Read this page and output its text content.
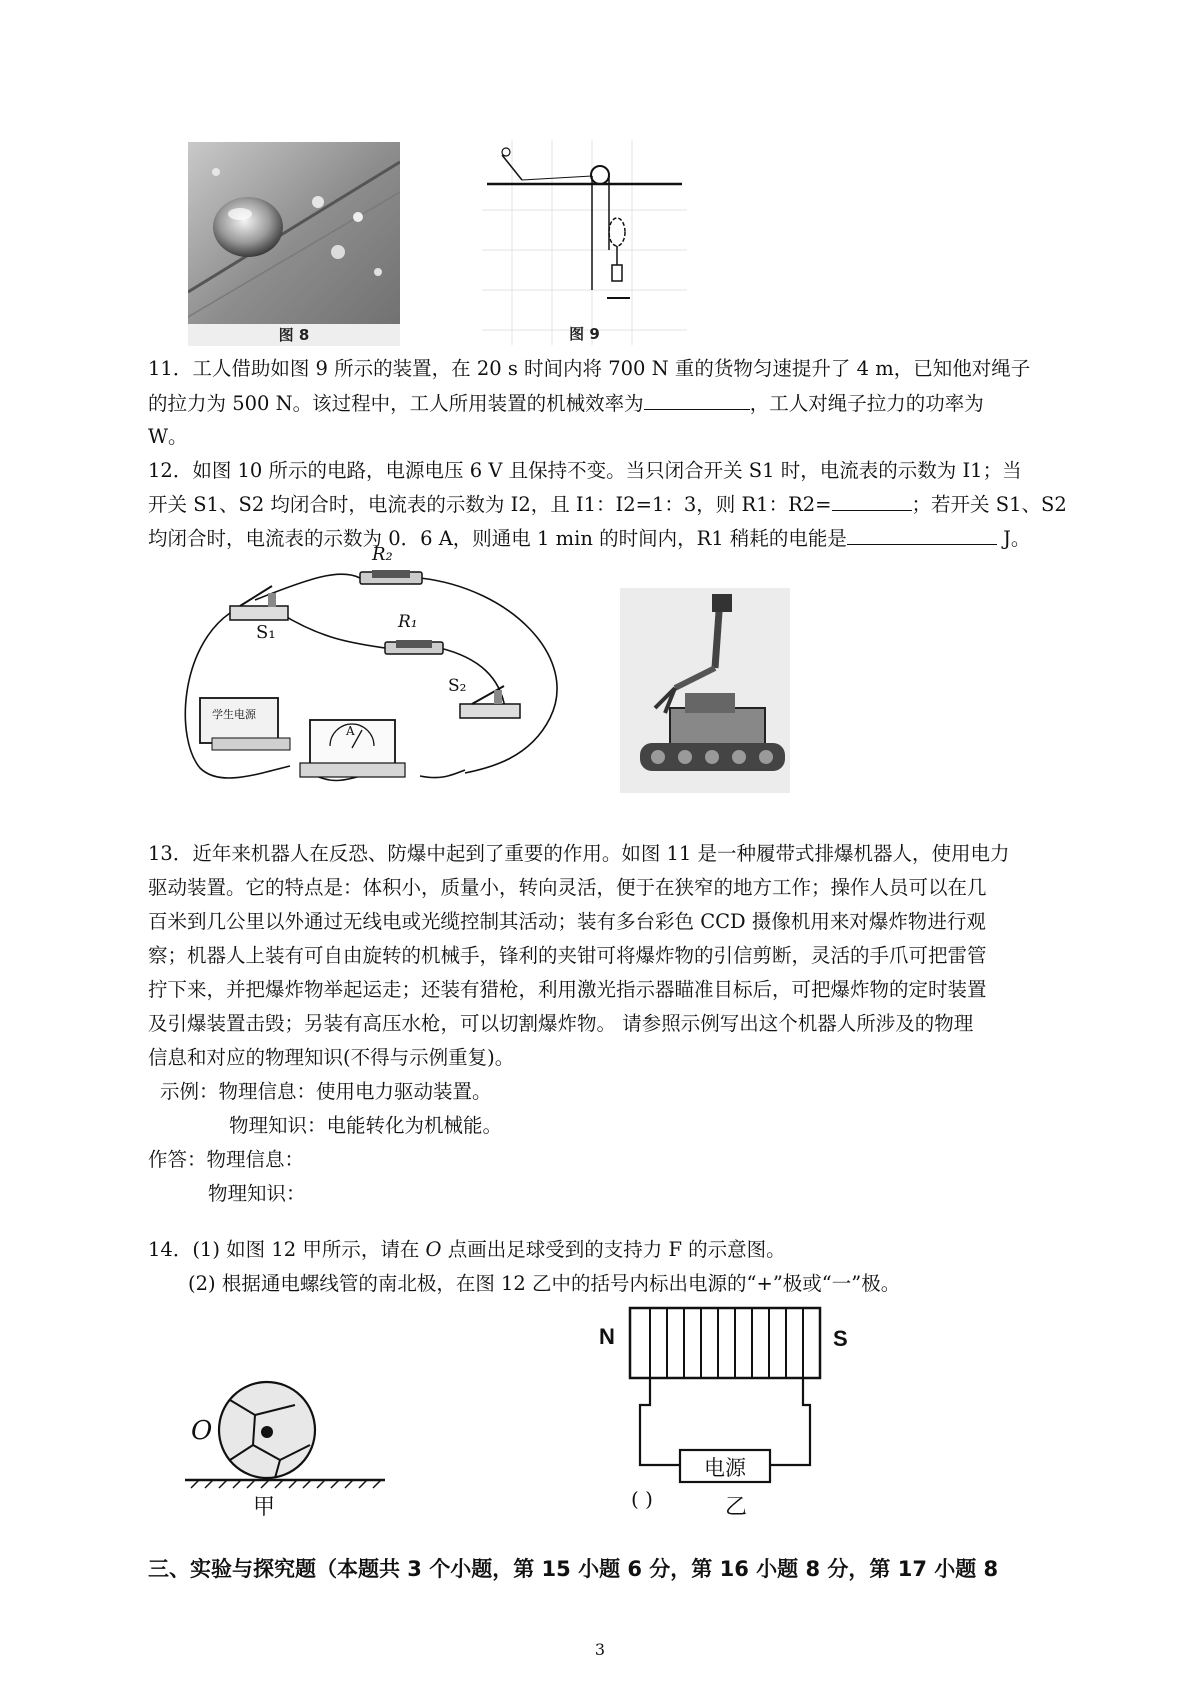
图 8	图 9
11．工人借助如图 9 所示的装置，在 20 s 时间内将 700 N 重的货物匀速提升了 4 m，已知他对绳子
的拉力为 500 N。该过程中，工人所用装置的机械效率为	，工人对绳子拉力的功率为
W。
12．如图 10 所示的电路，电源电压 6 V 且保持不变。当只闭合开关 S1 时，电流表的示数为 I1；当
开关 S1、S2 均闭合时，电流表的示数为 I2，且 I1：I2=1：3，则 R1：R2=	；若开关 S1、S2
均闭合时，电流表的示数为 0．6 A，则通电 1 min 的时间内，R1 稍耗的电能是	J。
R₂
R₁
S₁
S₂
学生电源
A
13．近年来机器人在反恐、防爆中起到了重要的作用。如图 11 是一种履带式排爆机器人，使用电力
驱动装置。它的特点是：体积小，质量小，转向灵活，便于在狭窄的地方工作；操作人员可以在几
百米到几公里以外通过无线电或光缆控制其活动；装有多台彩色 CCD 摄像机用来对爆炸物进行观
察；机器人上装有可自由旋转的机械手，锋利的夹钳可将爆炸物的引信剪断，灵活的手爪可把雷管
拧下来，并把爆炸物举起运走；还装有猎枪，利用激光指示器瞄准目标后，可把爆炸物的定时装置
及引爆装置击毁；另装有高压水枪，可以切割爆炸物。 请参照示例写出这个机器人所涉及的物理
信息和对应的物理知识(不得与示例重复)。
示例：物理信息：使用电力驱动装置。
物理知识：电能转化为机械能。
作答：物理信息：
物理知识：
14．(1) 如图 12 甲所示，请在 O 点画出足球受到的支持力 F 的示意图。
(2) 根据通电螺线管的南北极，在图 12 乙中的括号内标出电源的“+”极或“一”极。
O
甲
N	S
电源
( )	乙
三、实验与探究题（本题共 3 个小题，第 15 小题 6 分，第 16 小题 8 分，第 17 小题 8
3
